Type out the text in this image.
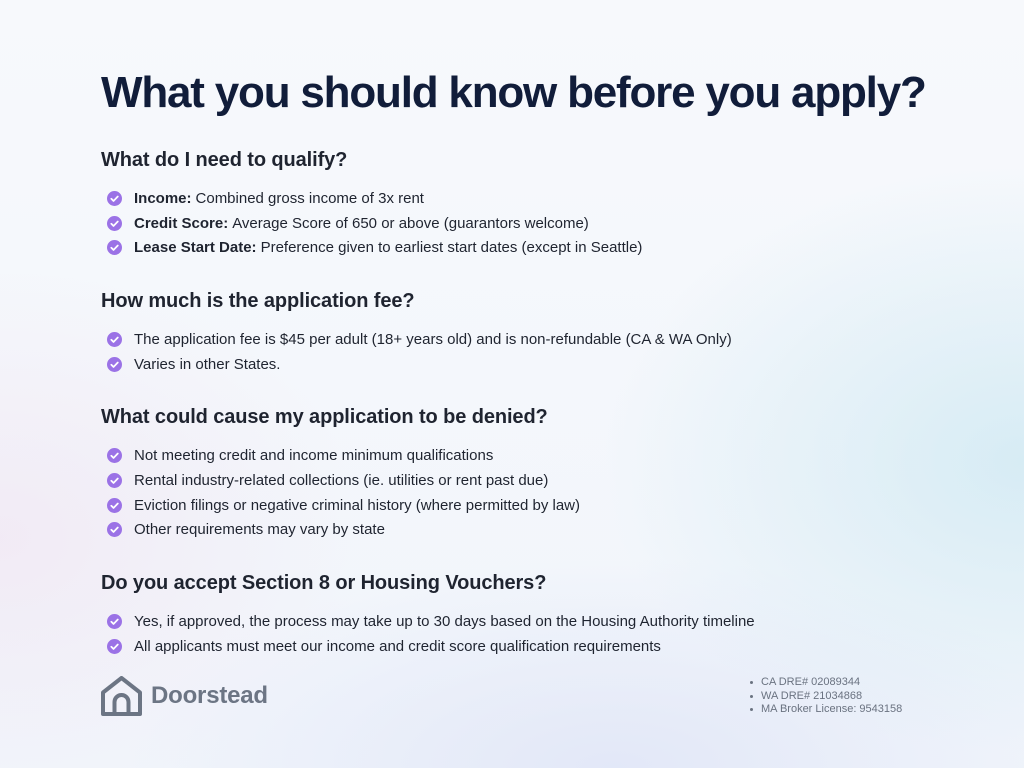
What you should know before you apply?
What do I need to qualify?
Income: Combined gross income of 3x rent
Credit Score: Average Score of 650 or above (guarantors welcome)
Lease Start Date: Preference given to earliest start dates (except in Seattle)
How much is the application fee?
The application fee is $45 per adult (18+ years old) and is non-refundable (CA & WA Only)
Varies in other States.
What could cause my application to be denied?
Not meeting credit and income minimum qualifications
Rental industry-related collections (ie. utilities or rent past due)
Eviction filings or negative criminal history (where permitted by law)
Other requirements may vary by state
Do you accept Section 8 or Housing Vouchers?
Yes, if approved, the process may take up to 30 days based on the Housing Authority timeline
All applicants must meet our income and credit score qualification requirements
Doorstead	CA DRE# 02089344
WA DRE# 21034868
MA Broker License: 9543158
